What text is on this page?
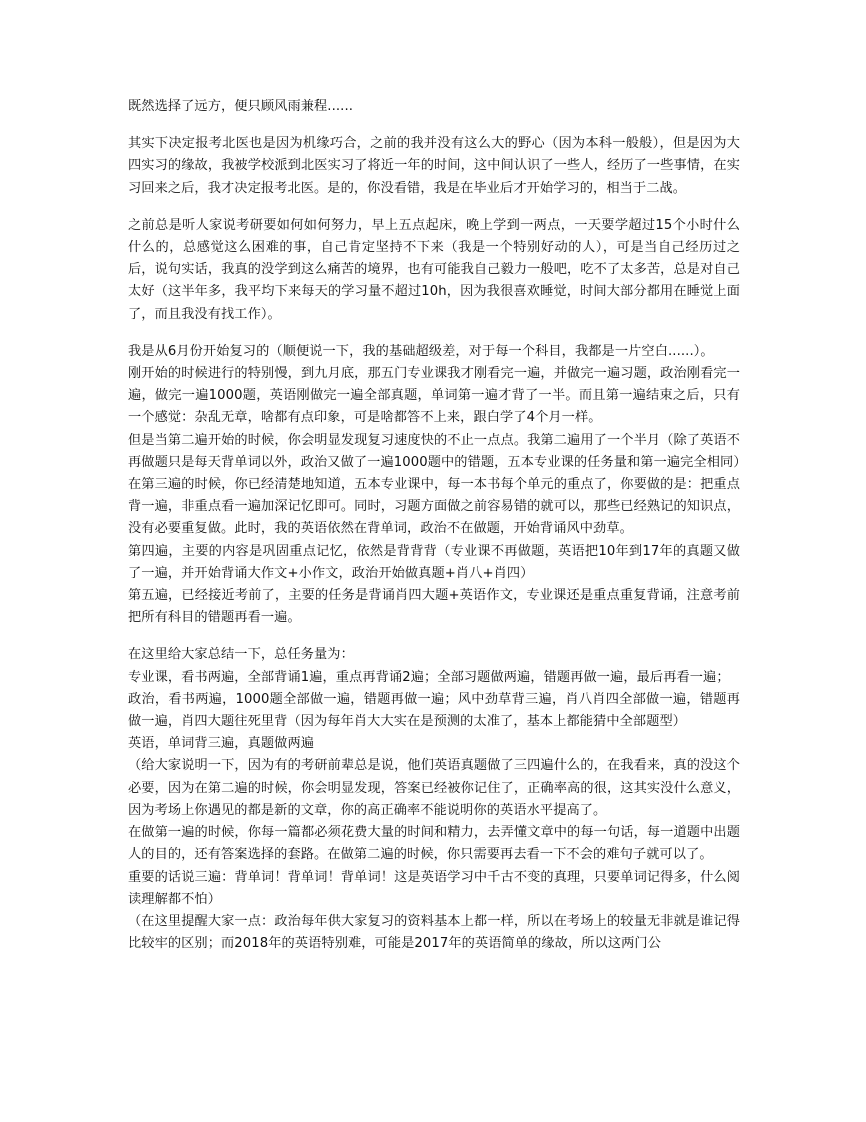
既然选择了远方，便只顾风雨兼程......

其实下决定报考北医也是因为机缘巧合，之前的我并没有这么大的野心（因为本科一般般），但是因为大四实习的缘故，我被学校派到北医实习了将近一年的时间，这中间认识了一些人，经历了一些事情，在实习回来之后，我才决定报考北医。是的，你没看错，我是在毕业后才开始学习的，相当于二战。

之前总是听人家说考研要如何如何努力，早上五点起床，晚上学到一两点，一天要学超过15个小时什么什么的，总感觉这么困难的事，自己肯定坚持不下来（我是一个特别好动的人），可是当自己经历过之后，说句实话，我真的没学到这么痛苦的境界，也有可能我自己毅力一般吧，吃不了太多苦，总是对自己太好（这半年多，我平均下来每天的学习量不超过10h，因为我很喜欢睡觉，时间大部分都用在睡觉上面了，而且我没有找工作）。

我是从6月份开始复习的（顺便说一下，我的基础超级差，对于每一个科目，我都是一片空白......）。

刚开始的时候进行的特别慢，到九月底，那五门专业课我才刚看完一遍，并做完一遍习题，政治刚看完一遍，做完一遍1000题，英语刚做完一遍全部真题，单词第一遍才背了一半。而且第一遍结束之后，只有一个感觉：杂乱无章，啥都有点印象，可是啥都答不上来，跟白学了4个月一样。

但是当第二遍开始的时候，你会明显发现复习速度快的不止一点点。我第二遍用了一个半月（除了英语不再做题只是每天背单词以外，政治又做了一遍1000题中的错题，五本专业课的任务量和第一遍完全相同）

在第三遍的时候，你已经清楚地知道，五本专业课中，每一本书每个单元的重点了，你要做的是：把重点背一遍，非重点看一遍加深记忆即可。同时，习题方面做之前容易错的就可以，那些已经熟记的知识点，没有必要重复做。此时，我的英语依然在背单词，政治不在做题，开始背诵风中劲草。

第四遍，主要的内容是巩固重点记忆，依然是背背背（专业课不再做题，英语把10年到17年的真题又做了一遍，并开始背诵大作文+小作文，政治开始做真题+肖八+肖四）

第五遍，已经接近考前了，主要的任务是背诵肖四大题+英语作文，专业课还是重点重复背诵，注意考前把所有科目的错题再看一遍。

在这里给大家总结一下，总任务量为：

专业课，看书两遍，全部背诵1遍，重点再背诵2遍；全部习题做两遍，错题再做一遍，最后再看一遍；

政治，看书两遍，1000题全部做一遍，错题再做一遍；风中劲草背三遍，肖八肖四全部做一遍，错题再做一遍，肖四大题往死里背（因为每年肖大大实在是预测的太准了，基本上都能猜中全部题型）

英语，单词背三遍，真题做两遍

（给大家说明一下，因为有的考研前辈总是说，他们英语真题做了三四遍什么的，在我看来，真的没这个必要，因为在第二遍的时候，你会明显发现，答案已经被你记住了，正确率高的很，这其实没什么意义，因为考场上你遇见的都是新的文章，你的高正确率不能说明你的英语水平提高了。

在做第一遍的时候，你每一篇都必须花费大量的时间和精力，去弄懂文章中的每一句话，每一道题中出题人的目的，还有答案选择的套路。在做第二遍的时候，你只需要再去看一下不会的难句子就可以了。

重要的话说三遍：背单词！背单词！背单词！这是英语学习中千古不变的真理，只要单词记得多，什么阅读理解都不怕）

（在这里提醒大家一点：政治每年供大家复习的资料基本上都一样，所以在考场上的较量无非就是谁记得比较牢的区别；而2018年的英语特别难，可能是2017年的英语简单的缘故，所以这两门公
